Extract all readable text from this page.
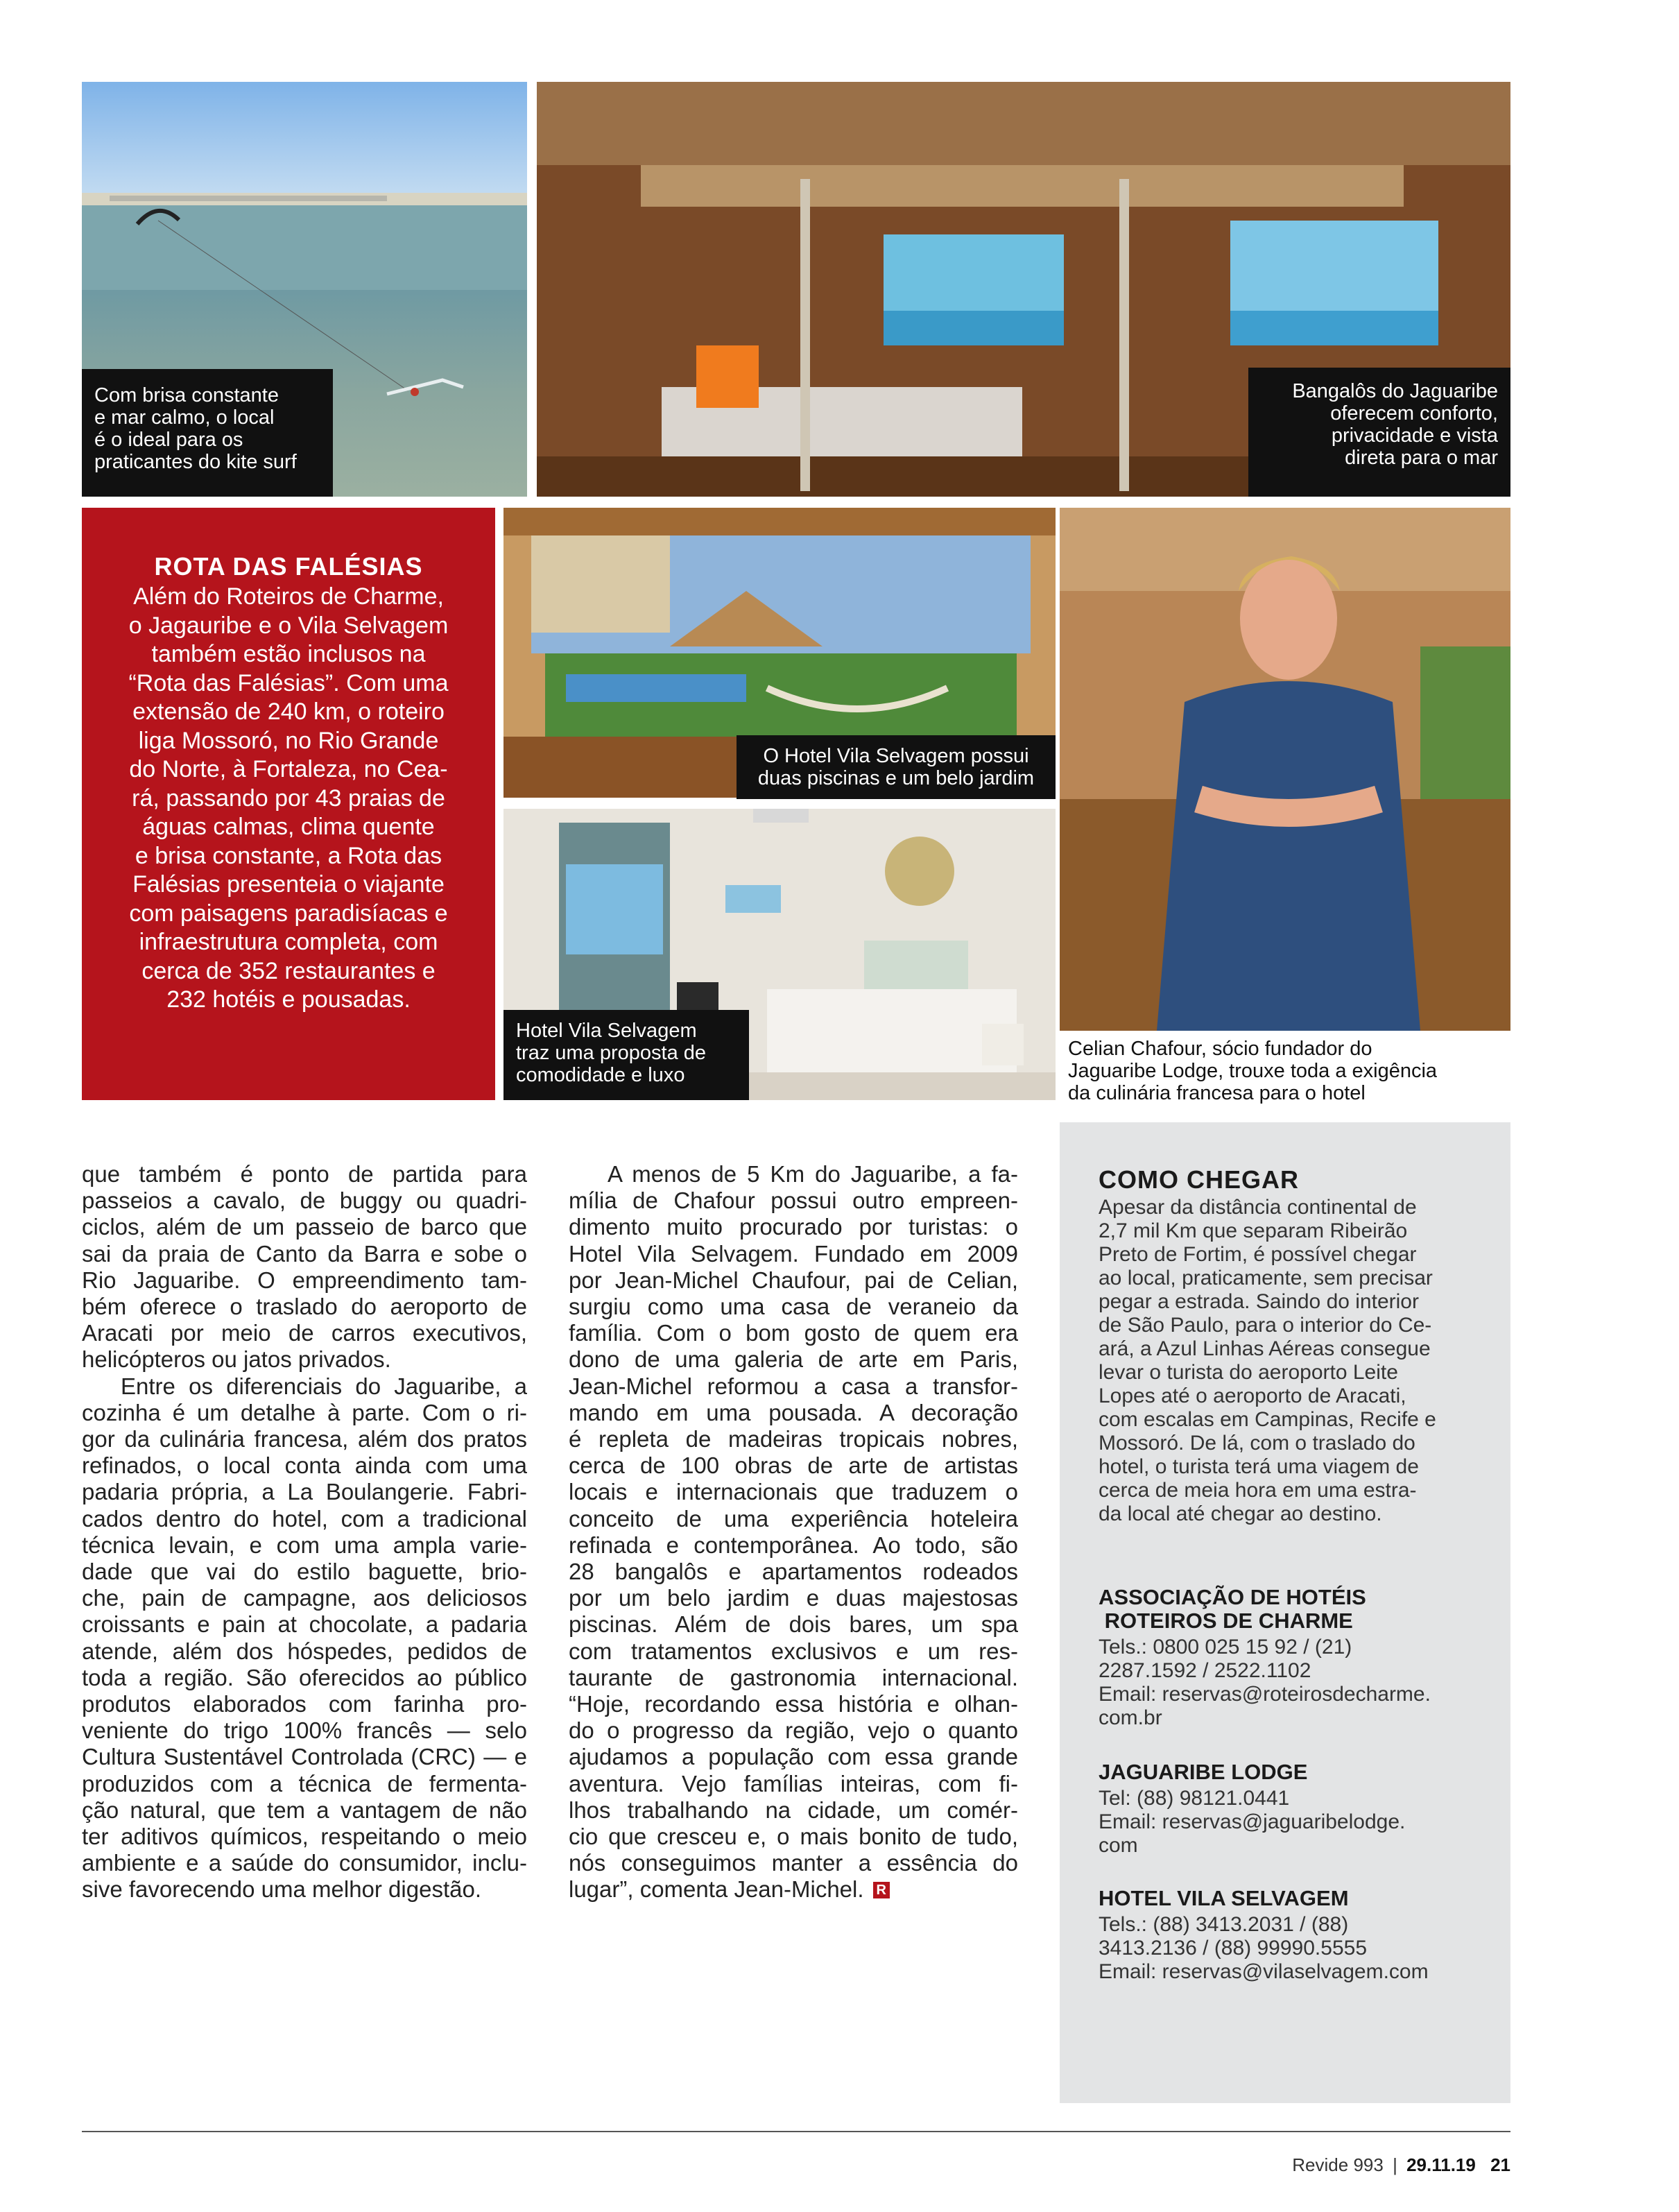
Com brisa constante
e mar calmo, o local
é o ideal para os
praticantes do kite surf
Bangalôs do Jaguaribe
oferecem conforto,
privacidade e vista
direta para o mar
ROTA DAS FALÉSIAS
Além do Roteiros de Charme,
o Jagauribe e o Vila Selvagem
também estão inclusos na
“Rota das Falésias”. Com uma
extensão de 240 km, o roteiro
liga Mossoró, no Rio Grande
do Norte, à Fortaleza, no Cea-
rá, passando por 43 praias de
águas calmas, clima quente
e brisa constante, a Rota das
Falésias presenteia o viajante
com paisagens paradisíacas e
infraestrutura completa, com
cerca de 352 restaurantes e
232 hotéis e pousadas.
O Hotel Vila Selvagem possui
duas piscinas e um belo jardim
Hotel Vila Selvagem
traz uma proposta de
comodidade e luxo
Celian Chafour, sócio fundador do
Jaguaribe Lodge, trouxe toda a exigência
da culinária francesa para o hotel
que também é ponto de partida para
passeios a cavalo, de buggy ou quadri-
ciclos, além de um passeio de barco que
sai da praia de Canto da Barra e sobe o
Rio Jaguaribe. O empreendimento tam-
bém oferece o traslado do aeroporto de
Aracati por meio de carros executivos,
helicópteros ou jatos privados.
Entre os diferenciais do Jaguaribe, a
cozinha é um detalhe à parte. Com o ri-
gor da culinária francesa, além dos pratos
refinados, o local conta ainda com uma
padaria própria, a La Boulangerie. Fabri-
cados dentro do hotel, com a tradicional
técnica levain, e com uma ampla varie-
dade que vai do estilo baguette, brio-
che, pain de campagne, aos deliciosos
croissants e pain at chocolate, a padaria
atende, além dos hóspedes, pedidos de
toda a região. São oferecidos ao público
produtos elaborados com farinha pro-
veniente do trigo 100% francês — selo
Cultura Sustentável Controlada (CRC) — e
produzidos com a técnica de fermenta-
ção natural, que tem a vantagem de não
ter aditivos químicos, respeitando o meio
ambiente e a saúde do consumidor, inclu-
sive favorecendo uma melhor digestão.
A menos de 5 Km do Jaguaribe, a fa-
mília de Chafour possui outro empreen-
dimento muito procurado por turistas: o
Hotel Vila Selvagem. Fundado em 2009
por Jean-Michel Chaufour, pai de Celian,
surgiu como uma casa de veraneio da
família. Com o bom gosto de quem era
dono de uma galeria de arte em Paris,
Jean-Michel reformou a casa a transfor-
mando em uma pousada. A decoração
é repleta de madeiras tropicais nobres,
cerca de 100 obras de arte de artistas
locais e internacionais que traduzem o
conceito de uma experiência hoteleira
refinada e contemporânea. Ao todo, são
28 bangalôs e apartamentos rodeados
por um belo jardim e duas majestosas
piscinas. Além de dois bares, um spa
com tratamentos exclusivos e um res-
taurante de gastronomia internacional.
“Hoje, recordando essa história e olhan-
do o progresso da região, vejo o quanto
ajudamos a população com essa grande
aventura. Vejo famílias inteiras, com fi-
lhos trabalhando na cidade, um comér-
cio que cresceu e, o mais bonito de tudo,
nós conseguimos manter a essência do
lugar”, comenta Jean-Michel. R
COMO CHEGAR
Apesar da distância continental de
2,7 mil Km que separam Ribeirão
Preto de Fortim, é possível chegar
ao local, praticamente, sem precisar
pegar a estrada. Saindo do interior
de São Paulo, para o interior do Ce-
ará, a Azul Linhas Aéreas consegue
levar o turista do aeroporto Leite
Lopes até o aeroporto de Aracati,
com escalas em Campinas, Recife e
Mossoró. De lá, com o traslado do
hotel, o turista terá uma viagem de
cerca de meia hora em uma estra-
da local até chegar ao destino.
ASSOCIAÇÃO DE HOTÉIS
ROTEIROS DE CHARME
Tels.: 0800 025 15 92 / (21)
2287.1592 / 2522.1102
Email: reservas@roteirosdecharme.
com.br
JAGUARIBE LODGE
Tel: (88) 98121.0441
Email: reservas@jaguaribelodge.
com
HOTEL VILA SELVAGEM
Tels.: (88) 3413.2031 / (88)
3413.2136 / (88) 99990.5555
Email: reservas@vilaselvagem.com
Revide 993 | 29.11.19 21
